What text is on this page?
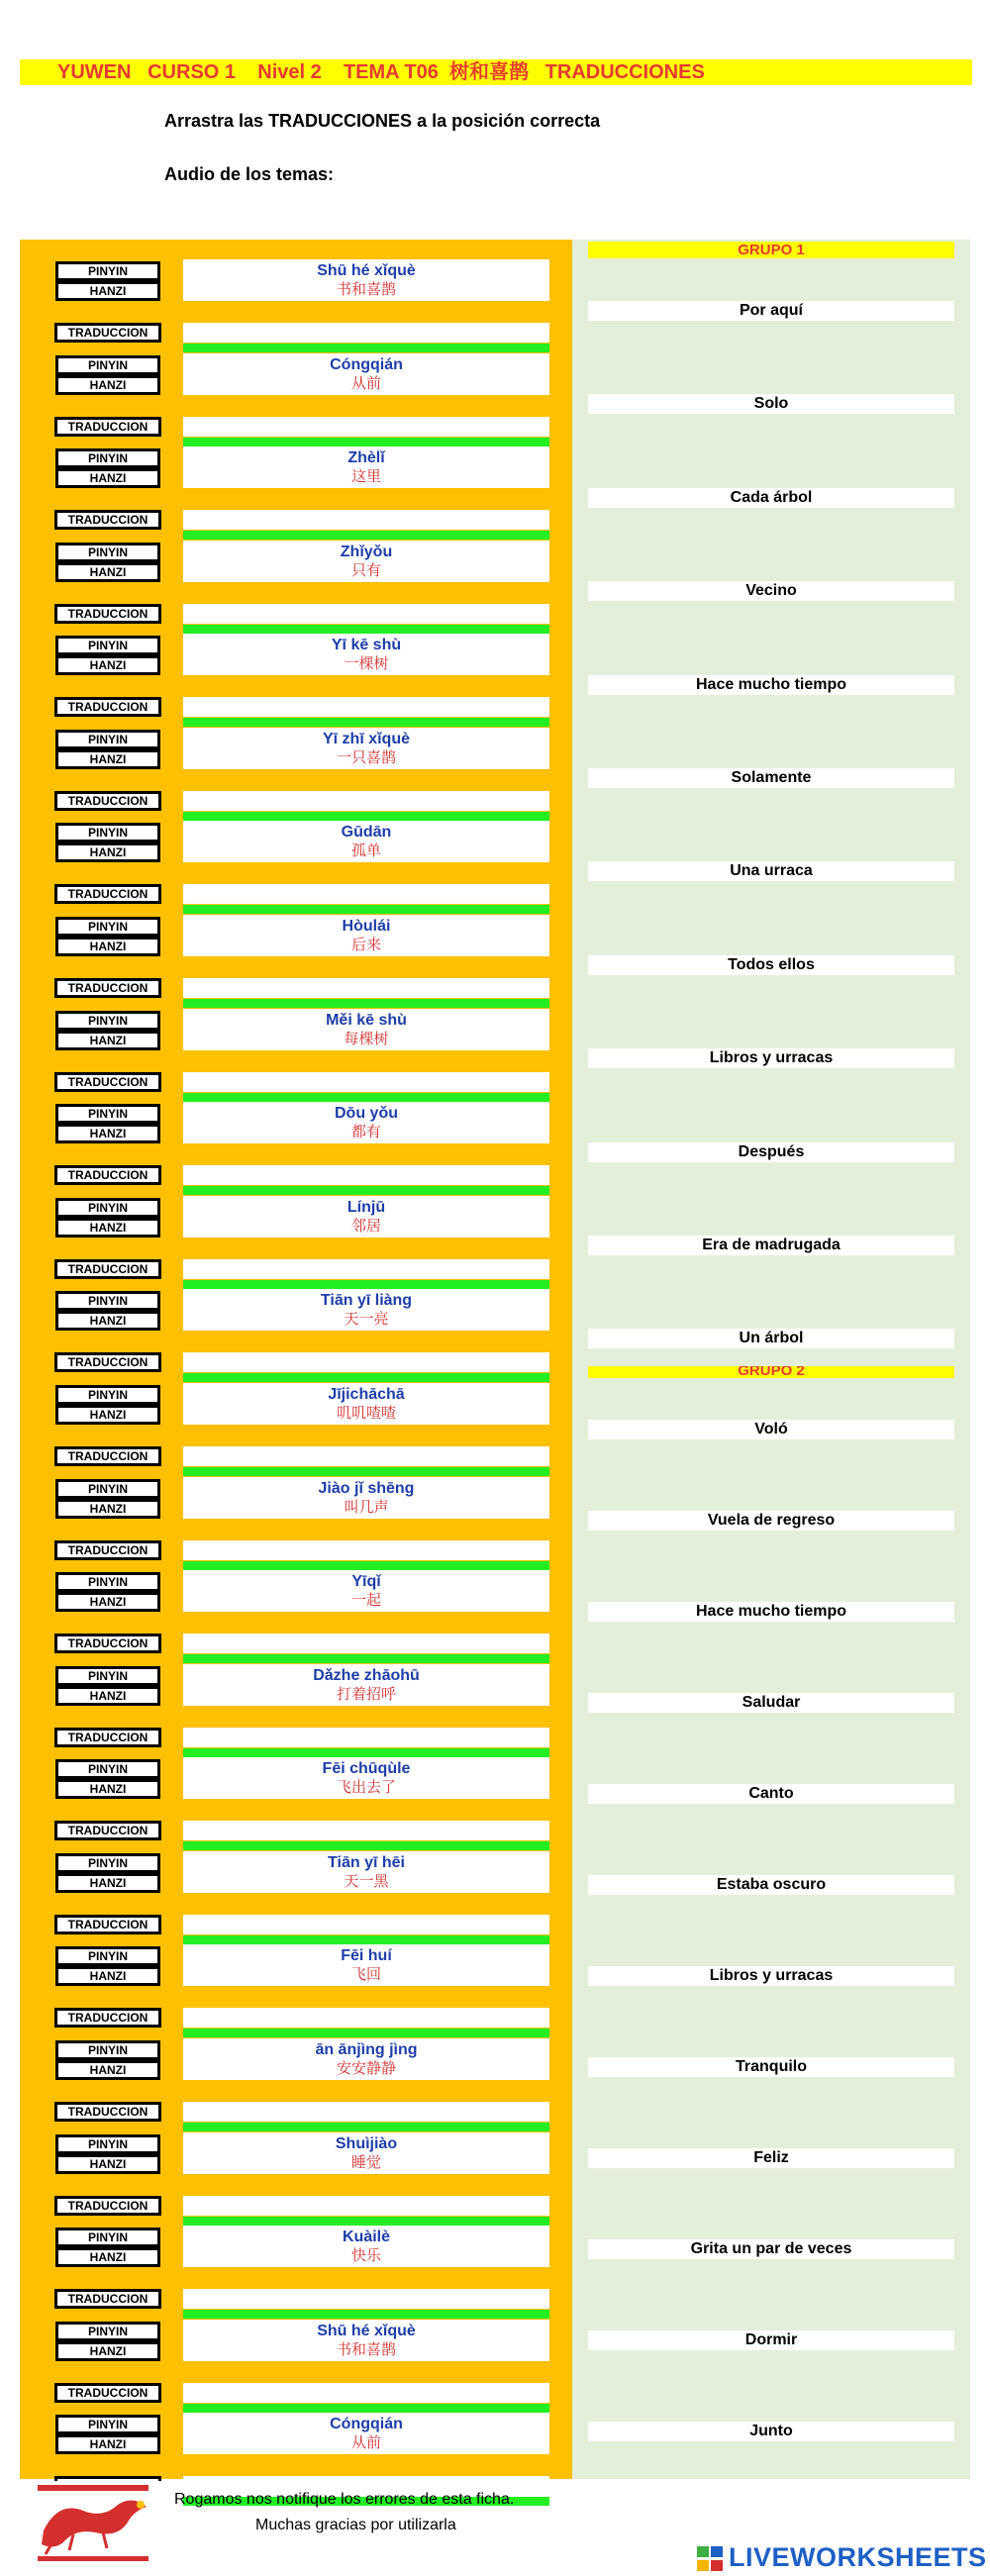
YUWEN   CURSO 1    Nivel 2    TEMA T06  树和喜鹊   TRADUCCIONES
Arrastra las TRADUCCIONES a la posición correcta
Audio de los temas:
PINYIN
HANZI
Shū hé xǐquè
书和喜鹊
TRADUCCION
PINYIN
HANZI
Cóngqián
从前
TRADUCCION
PINYIN
HANZI
Zhèlǐ
这里
TRADUCCION
PINYIN
HANZI
Zhǐyǒu
只有
TRADUCCION
PINYIN
HANZI
Yī kē shù
一棵树
TRADUCCION
PINYIN
HANZI
Yī zhī xǐquè
一只喜鹊
TRADUCCION
PINYIN
HANZI
Gūdān
孤单
TRADUCCION
PINYIN
HANZI
Hòulái
后来
TRADUCCION
PINYIN
HANZI
Měi kē shù
每棵树
TRADUCCION
PINYIN
HANZI
Dōu yǒu
都有
TRADUCCION
PINYIN
HANZI
Línjū
邻居
TRADUCCION
PINYIN
HANZI
Tiān yī liàng
天一亮
TRADUCCION
PINYIN
HANZI
Jījichāchā
叽叽喳喳
TRADUCCION
PINYIN
HANZI
Jiào jǐ shēng
叫几声
TRADUCCION
PINYIN
HANZI
Yīqǐ
一起
TRADUCCION
PINYIN
HANZI
Dǎzhe zhāohū
打着招呼
TRADUCCION
PINYIN
HANZI
Fēi chūqùle
飞出去了
TRADUCCION
PINYIN
HANZI
Tiān yī hēi
天一黑
TRADUCCION
PINYIN
HANZI
Fēi huí
飞回
TRADUCCION
PINYIN
HANZI
ān ānjìng jìng
安安静静
TRADUCCION
PINYIN
HANZI
Shuìjiào
睡觉
TRADUCCION
PINYIN
HANZI
Kuàilè
快乐
TRADUCCION
PINYIN
HANZI
Shū hé xǐquè
书和喜鹊
TRADUCCION
PINYIN
HANZI
Cóngqián
从前
GRUPO 1
Por aquí
Solo
Cada árbol
Vecino
Hace mucho tiempo
Solamente
Una urraca
Todos ellos
Libros y urracas
Después
Era de madrugada
Un árbol
GRUPO 2
Voló
Vuela de regreso
Hace mucho tiempo
Saludar
Canto
Estaba oscuro
Libros y urracas
Tranquilo
Feliz
Grita un par de veces
Dormir
Junto
Rogamos nos notifique los errores de esta ficha.
Muchas gracias por utilizarla
LIVEWORKSHEETS
